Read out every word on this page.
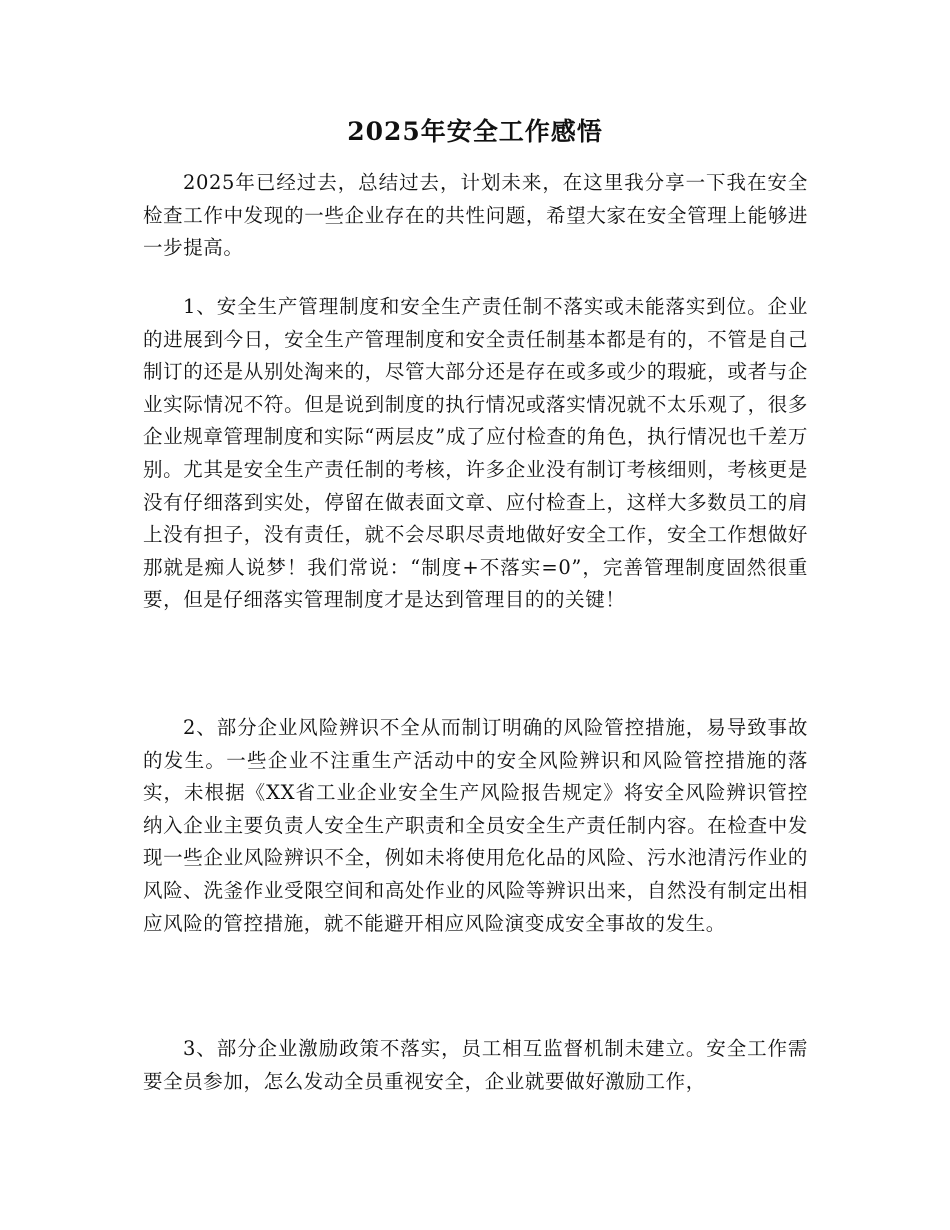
2025年安全工作感悟

2025年已经过去，总结过去，计划未来，在这里我分享一下我在安全检查工作中发现的一些企业存在的共性问题，希望大家在安全管理上能够进一步提高。

1、安全生产管理制度和安全生产责任制不落实或未能落实到位。企业的进展到今日，安全生产管理制度和安全责任制基本都是有的，不管是自己制订的还是从别处淘来的，尽管大部分还是存在或多或少的瑕疵，或者与企业实际情况不符。但是说到制度的执行情况或落实情况就不太乐观了，很多企业规章管理制度和实际“两层皮”成了应付检查的角色，执行情况也千差万别。尤其是安全生产责任制的考核，许多企业没有制订考核细则，考核更是没有仔细落到实处，停留在做表面文章、应付检查上，这样大多数员工的肩上没有担子，没有责任，就不会尽职尽责地做好安全工作，安全工作想做好那就是痴人说梦！我们常说：“制度+不落实=0”，完善管理制度固然很重要，但是仔细落实管理制度才是达到管理目的的关键！

2、部分企业风险辨识不全从而制订明确的风险管控措施，易导致事故的发生。一些企业不注重生产活动中的安全风险辨识和风险管控措施的落实，未根据《XX省工业企业安全生产风险报告规定》将安全风险辨识管控纳入企业主要负责人安全生产职责和全员安全生产责任制内容。在检查中发现一些企业风险辨识不全，例如未将使用危化品的风险、污水池清污作业的风险、洗釜作业受限空间和高处作业的风险等辨识出来，自然没有制定出相应风险的管控措施，就不能避开相应风险演变成安全事故的发生。

3、部分企业激励政策不落实，员工相互监督机制未建立。安全工作需要全员参加，怎么发动全员重视安全，企业就要做好激励工作，
